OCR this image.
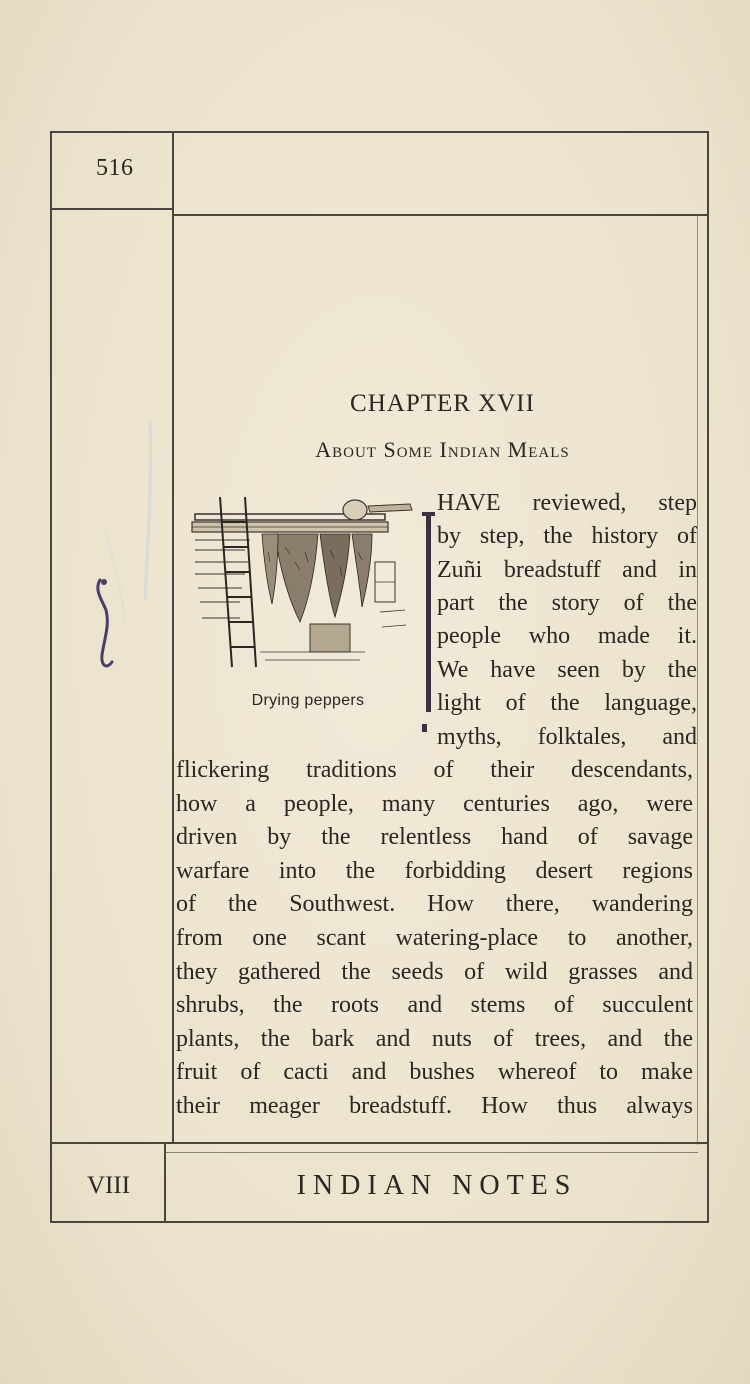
516
CHAPTER XVII
About Some Indian Meals
Drying peppers
HAVE reviewed, step
by step, the history of
Zuñi breadstuff and in
part the story of the
people who made it.
We have seen by the
light of the language,
myths, folktales, and
flickering traditions of their descendants,
how a people, many centuries ago, were
driven by the relentless hand of savage
warfare into the forbidding desert regions
of the Southwest. How there, wandering
from one scant watering-place to another,
they gathered the seeds of wild grasses and
shrubs, the roots and stems of succulent
plants, the bark and nuts of trees, and the
fruit of cacti and bushes whereof to make
their meager breadstuff. How thus always
VIII	INDIAN NOTES
